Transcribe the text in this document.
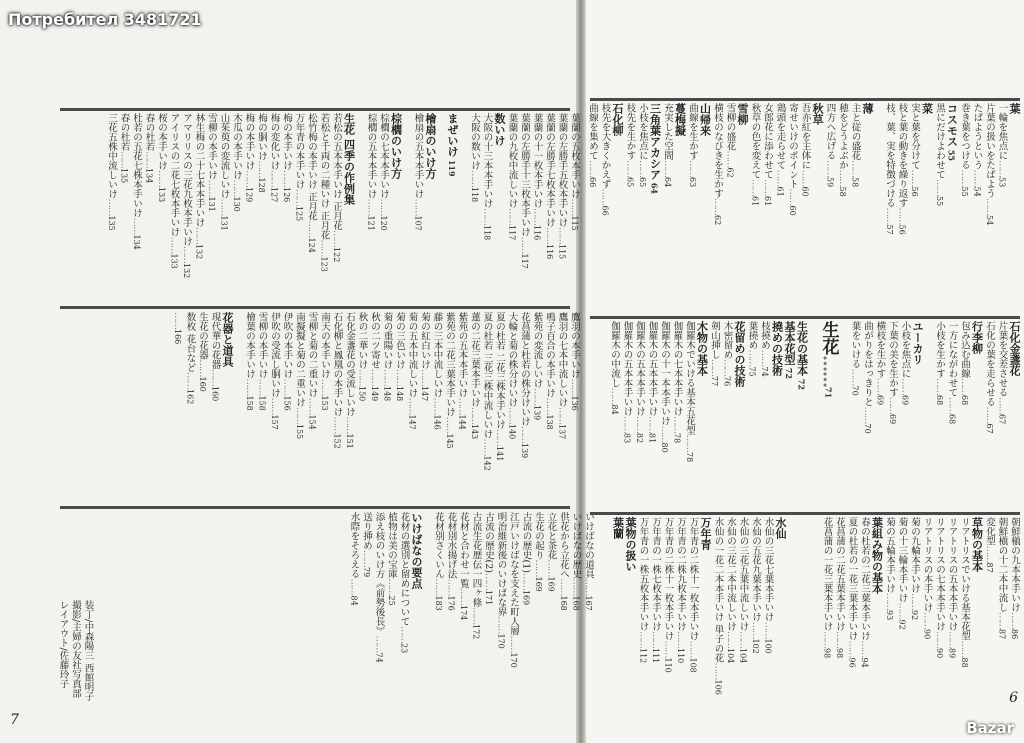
葉蘭の五枚本手いけ……115
葉蘭の左勝手五枚本手いけ……115
葉蘭の左勝手七枚本手いけ……116
葉蘭の十一枚本手いけ……116
葉蘭の左勝手十三枚本手いけ……117
葉蘭の九枚中流しいけ……117
数いけ
大阪の十三本本手いけ……118
大阪の数いけ……118
まぜいけ 119
檜扇のいけ方
檜扇の五本本手いけ……107
棕櫚のいけ方
棕櫚の七本本手いけ……120
棕櫚の五本本手いけ……121
生花 四季の作例集
若松の五本本手いけ 正月花……122
若松と千両の二種いけ 正月花……123
松竹梅の本手いけ 正月花……124
万年青の本手いけ……125
梅の本手いけ……126
梅の変化いけ……127
梅の胴いけ……128
梅の本手いけ……129
木瓜の本手いけ……130
山茱萸の変流しいけ……131
雪柳の本手いけ……131
林生梅の二十七本本手いけ……132
アマリリスの三花九枚本手いけ……132
アイリスの二花七枚本手いけ……133
桜の本手いけ……133
春の杜若……134
杜若の五花七株本手いけ……134
春の杜若……135
三花五株中流しいけ……135
鷹羽の本手いけ……136
鷹羽の七本中流しいけ……137
鳴子百合の本手いけ……138
紫苑の変流しいけ……139
花菖蒲と杜若の株分けいけ……139
大輪と菊の株分けいけ……140
夏の杜若 二花三株本手いけ……141
夏の杜若 三花三株中流しいけ……142
蓮の二花三葉本手いけ……143
紫苑の五本本手いけ……144
紫苑の二花三葉本手いけ……145
藤の三本中流しいけ……146
菊の紅白いけ……147
菊の五本中流しいけ……147
菊の三色いけ……148
菊の重陽いけ……148
秋の二ツ寄せ……149
秋の二華いけ……150
石化金盞花の受流しいけ……151
石化柳と鳳凰の本手いけ……152
南天の本手いけ……153
雪柳と菊の二重いけ……154
南擬擬と菊の二重いけ……155
伊吹の本手いけ……156
伊吹の受流し胴いけ……157
雪柳の本手いけ……158
檜葉の本手いけ……158
花器と道具
現代華の花器……160
生花の花器……160
数枚 花台など……162
……166
いけばなの道具……167
いけばなの歴史……168
供花から立花へ……168
立花と茶花……169
生花の起り……169
古流の歴史(1)……169
江戸いけばなを支えた町人層……170
明治維新後のいけばな界……170
古流の歴史(2)……171
古流生花歴伝一四ヶ條……172
花材と合わせ一覧……174
花材別水揚げ法……176
花材別さくいん……183
いけばなの要点
花材の選別と留めについて……23
植物は美の宝庫……25
添え枝のいけ方《前勢後長》……74
送り挿め……79
水際をそろえる……84
葉
一輪を焦点に……53
片葉の扱いをたばよう……54
たばようという……54
巻き葉をつける……55
コスモス 55
黒にだけよわせて……55
菜
実と葉を分けて……56
枝と葉の動きを繰り返す……56
枝、葉、実を特徴づける……57
薄
主と従の盛花……58
穂をどうよぶか……58
四方へ広げる……59
秋草
吾亦紅を主体に……60
寄せいけのポイント……60
鶏頭を走らせて……61
女郎花に添わせて……61
秋草の色を変えて……61
雪柳
雪柳の盛花……62
横枝のなびきを生かす……62
山帰来
曲線を生かす……63
蔓梅擬
充実した空間……64
三角葉アカシア 64
小枝を焦点に……65
枝先を生かす……65
石化柳
枝先を大きくかえず……66
曲線を集めて……66
石化金盞花
片葉を交差させる……67
石化の葉を走らせる……67
行李柳
包み込む曲線……68
一方にながわせて……68
小枝を生かす……68
ユーカリ
小枝を焦点に……69
下葉の美を生かす……69
横枝を生かす……69
曲がりをはっきりと……70
葉をいける……70
生花……71
生花の基本 72
基本花型 72
撓めの技術
枝撓め……74
葉撓め……75
花留めの技術
木密留め……76
剣山挿し……77
木物の基本
伽羅木でいける基本五花型……78
伽羅木の七本本手いけ……78
伽羅木の十一本本手いけ……80
伽羅木の五本本手いけ……81
伽羅木の五本本手いけ……82
伽羅木の五本本手いけ……83
伽羅木の中流し……84
朝鮮槇の九本本手いけ……86
朝鮮槇の十二本中流し……87
変化型……87
草物の基本
リアトリスでいける基本花型……88
リアトリスの五本本手いけ……89
リアトリスの七本本手いけ……90
リアトリスの本手いけ……90
菊の九輪本手いけ……92
菊の十三輪本手いけ……92
菊の五輪本手いけ……93
葉組み物の基本
春の杜若の二花三葉本手いけ……94
夏の杜若の一花三葉本手いけ……96
花菖蒲の二花五葉本手いけ……98
花菖蒲の一花三葉本手いけ……98
水仙
水仙の三花七葉本手いけ……100
水仙の五花九葉本手いけ……102
水仙の三花五葉中流しいけ……104
水仙の三花二本中流しいけ……104
水仙の一花二本本手いけ 単子の花……106
万年青
万年青の二株十一枚本手いけ……108
万年青の二株九枚本手いけ……110
万年青の二株十一枚本手いけ……110
万年青の一株七枚本手いけ……111
万年青の一株五枚本手いけ……112
葉物の扱い
葉蘭
装丁/中森陽三 西館明子
撮影/主婦の友社写真部
レイアウト/佐藤玲子
Потребител 3481721
7
6
Bazar
